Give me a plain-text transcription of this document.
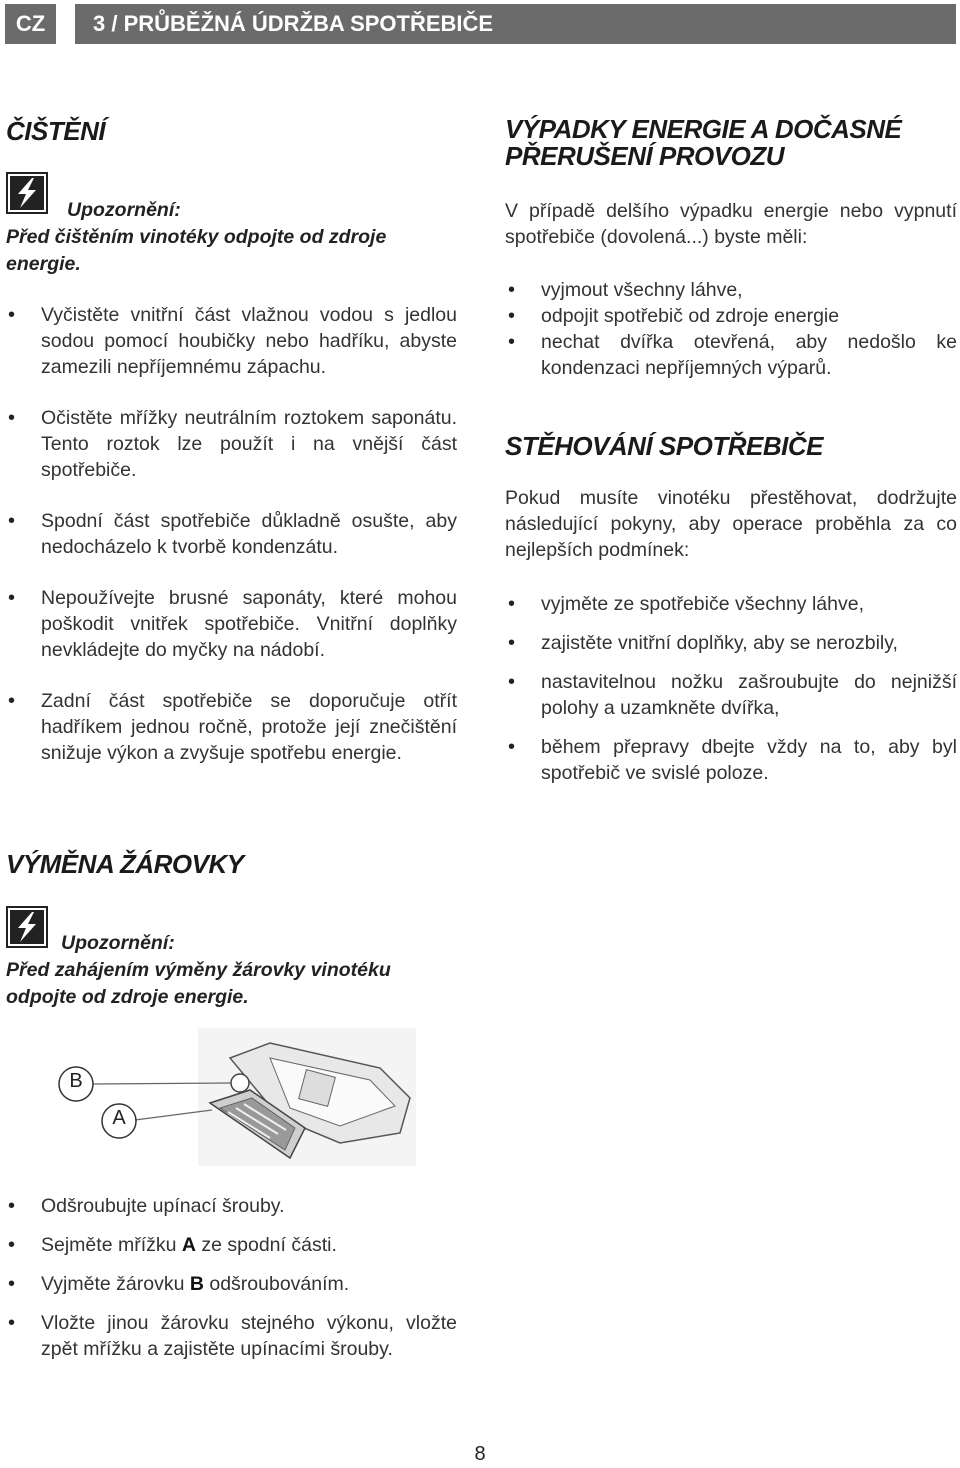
CZ	3 / PRŮBĚŽNÁ ÚDRŽBA SPOTŘEBIČE
ČIŠTĚNÍ
Upozornění:
Před čištěním vinotéky odpojte od zdroje energie.
• Vyčistěte vnitřní část vlažnou vodou s jedlou sodou pomocí houbičky nebo hadříku, abyste zamezili nepříjemnému zápachu.
• Očistěte mřížky neutrálním roztokem saponátu. Tento roztok lze použít i na vnější část spotřebiče.
• Spodní část spotřebiče důkladně osušte, aby nedocházelo k tvorbě kondenzátu.
• Nepoužívejte brusné saponáty, které mohou poškodit vnitřek spotřebiče. Vnitřní doplňky nevkládejte do myčky na nádobí.
• Zadní část spotřebiče se doporučuje otřít hadříkem jednou ročně, protože její znečištění snižuje výkon a zvyšuje spotřebu energie.
VÝPADKY ENERGIE A DOČASNÉ
PŘERUŠENÍ PROVOZU

V případě delšího výpadku energie nebo vypnutí spotřebiče (dovolená...) byste měli:

• vyjmout všechny láhve,
• odpojit spotřebič od zdroje energie
• nechat dvířka otevřená, aby nedošlo ke kondenzaci nepříjemných výparů.
STĚHOVÁNÍ SPOTŘEBIČE

Pokud musíte vinotéku přestěhovat, dodržujte následující pokyny, aby operace proběhla za co nejlepších podmínek:

• vyjměte ze spotřebiče všechny láhve,
• zajistěte vnitřní doplňky, aby se nerozbily,
• nastavitelnou nožku zašroubujte do nejnižší polohy a uzamkněte dvířka,
• během přepravy dbejte vždy na to, aby byl spotřebič ve svislé poloze.
VÝMĚNA ŽÁROVKY
Upozornění:
Před zahájením výměny žárovky vinotéku odpojte od zdroje energie.
B
A
• Odšroubujte upínací šrouby.
• Sejměte mřížku A ze spodní části.
• Vyjměte žárovku B odšroubováním.
• Vložte jinou žárovku stejného výkonu, vložte zpět mřížku a zajistěte upínacími šrouby.
8
